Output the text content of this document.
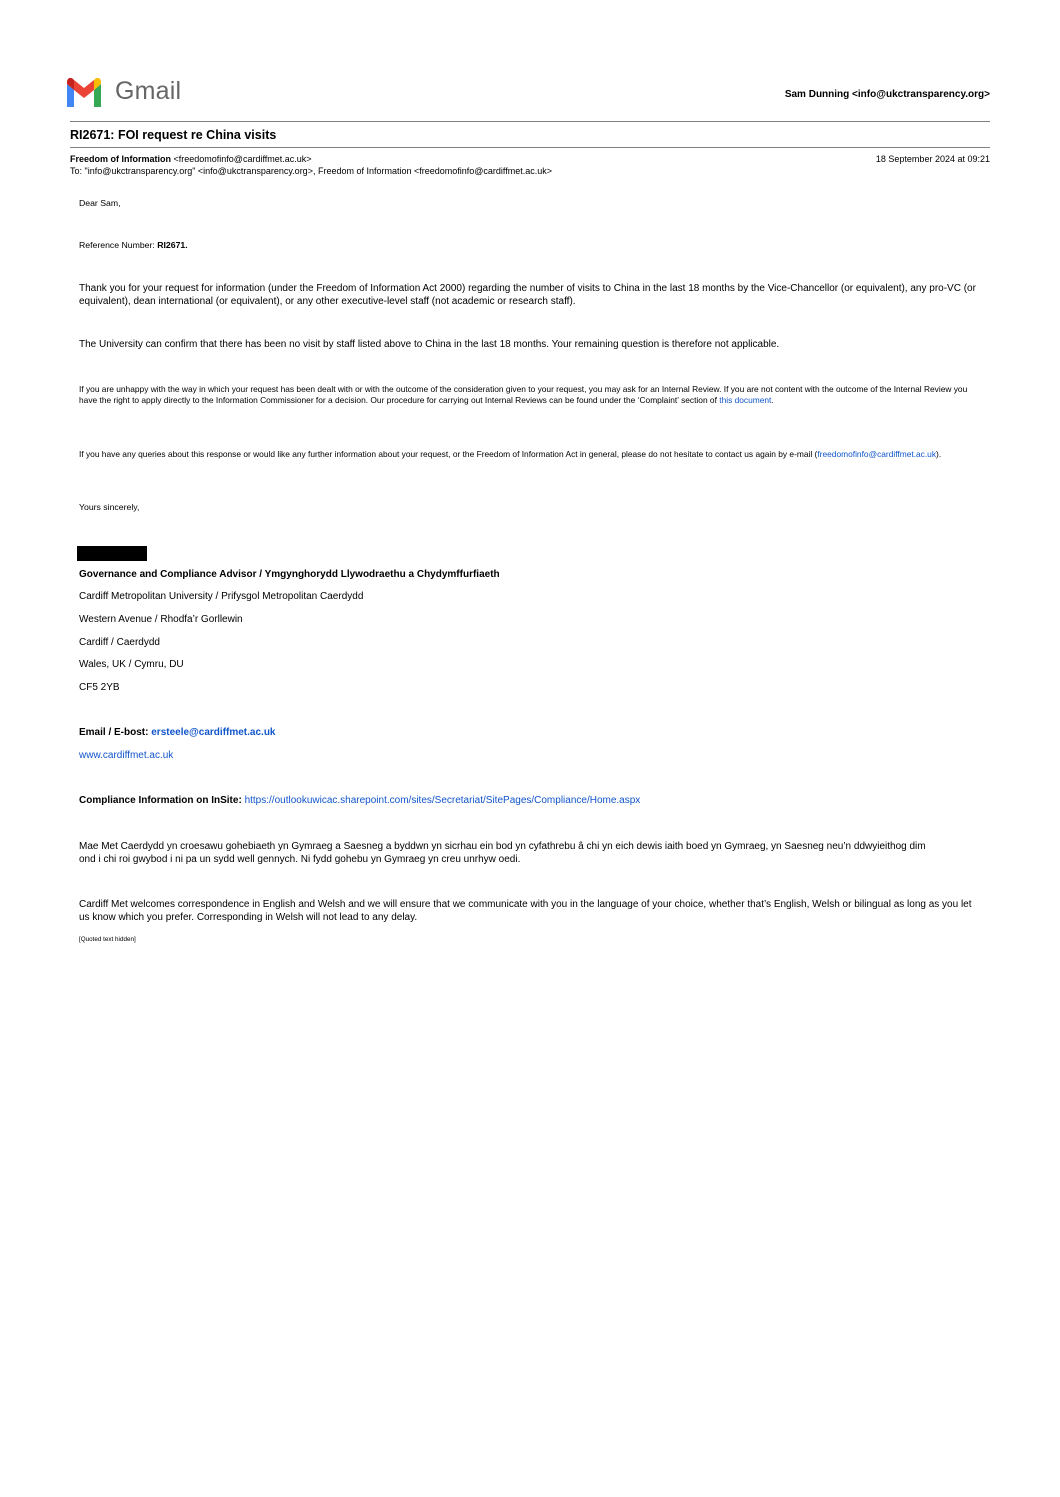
Gmail	Sam Dunning <info@ukctransparency.org>
RI2671: FOI request re China visits
Freedom of Information <freedomofinfo@cardiffmet.ac.uk>	18 September 2024 at 09:21
To: "info@ukctransparency.org" <info@ukctransparency.org>, Freedom of Information <freedomofinfo@cardiffmet.ac.uk>
Dear Sam,
Reference Number: RI2671.
Thank you for your request for information (under the Freedom of Information Act 2000) regarding the number of visits to China in the last 18 months by the Vice-Chancellor (or equivalent), any pro-VC (or equivalent), dean international (or equivalent), or any other executive-level staff (not academic or research staff).
The University can confirm that there has been no visit by staff listed above to China in the last 18 months. Your remaining question is therefore not applicable.
If you are unhappy with the way in which your request has been dealt with or with the outcome of the consideration given to your request, you may ask for an Internal Review. If you are not content with the outcome of the Internal Review you have the right to apply directly to the Information Commissioner for a decision. Our procedure for carrying out Internal Reviews can be found under the ‘Complaint’ section of this document.
If you have any queries about this response or would like any further information about your request, or the Freedom of Information Act in general, please do not hesitate to contact us again by e-mail (freedomofinfo@cardiffmet.ac.uk).
Yours sincerely,
Governance and Compliance Advisor / Ymgynghorydd Llywodraethu a Chydymffurfiaeth
Cardiff Metropolitan University / Prifysgol Metropolitan Caerdydd
Western Avenue / Rhodfa’r Gorllewin
Cardiff / Caerdydd
Wales, UK / Cymru, DU
CF5 2YB
Email / E-bost: ersteele@cardiffmet.ac.uk
www.cardiffmet.ac.uk
Compliance Information on InSite: https://outlookuwicac.sharepoint.com/sites/Secretariat/SitePages/Compliance/Home.aspx
Mae Met Caerdydd yn croesawu gohebiaeth yn Gymraeg a Saesneg a byddwn yn sicrhau ein bod yn cyfathrebu â chi yn eich dewis iaith boed yn Gymraeg, yn Saesneg neu’n ddwyieithog dim ond i chi roi gwybod i ni pa un sydd well gennych. Ni fydd gohebu yn Gymraeg yn creu unrhyw oedi.
Cardiff Met welcomes correspondence in English and Welsh and we will ensure that we communicate with you in the language of your choice, whether that’s English, Welsh or bilingual as long as you let us know which you prefer. Corresponding in Welsh will not lead to any delay.
[Quoted text hidden]
